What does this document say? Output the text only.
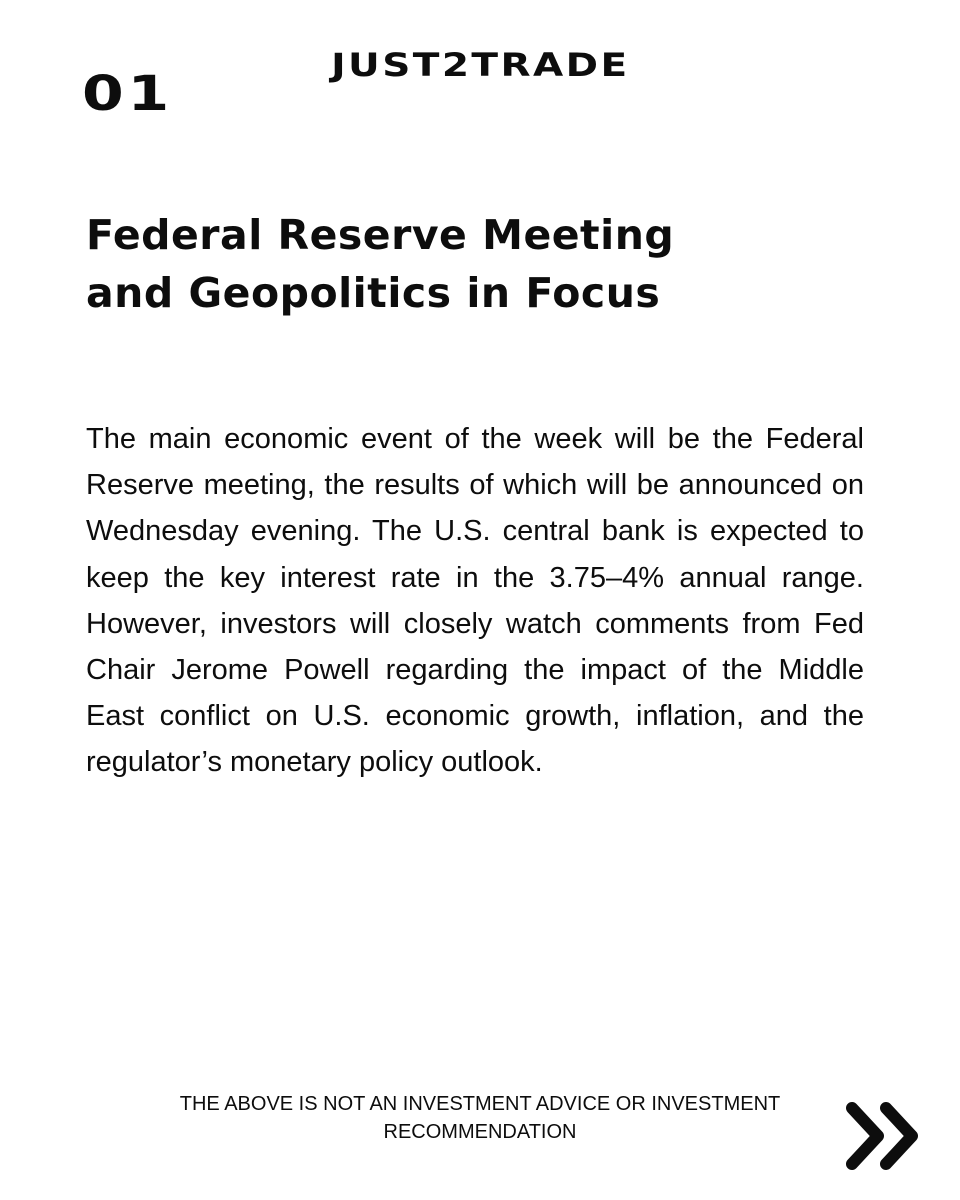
01
JUST2TRADE
Federal Reserve Meeting
and Geopolitics in Focus

The main economic event of the week will be the Federal Reserve meeting, the results of which will be announced on Wednesday evening. The U.S. central bank is expected to keep the key interest rate in the 3.75–4% annual range. However, investors will closely watch comments from Fed Chair Jerome Powell regarding the impact of the Middle East conflict on U.S. economic growth, inflation, and the regulator’s monetary policy outlook.

THE ABOVE IS NOT AN INVESTMENT ADVICE OR INVESTMENT
RECOMMENDATION
